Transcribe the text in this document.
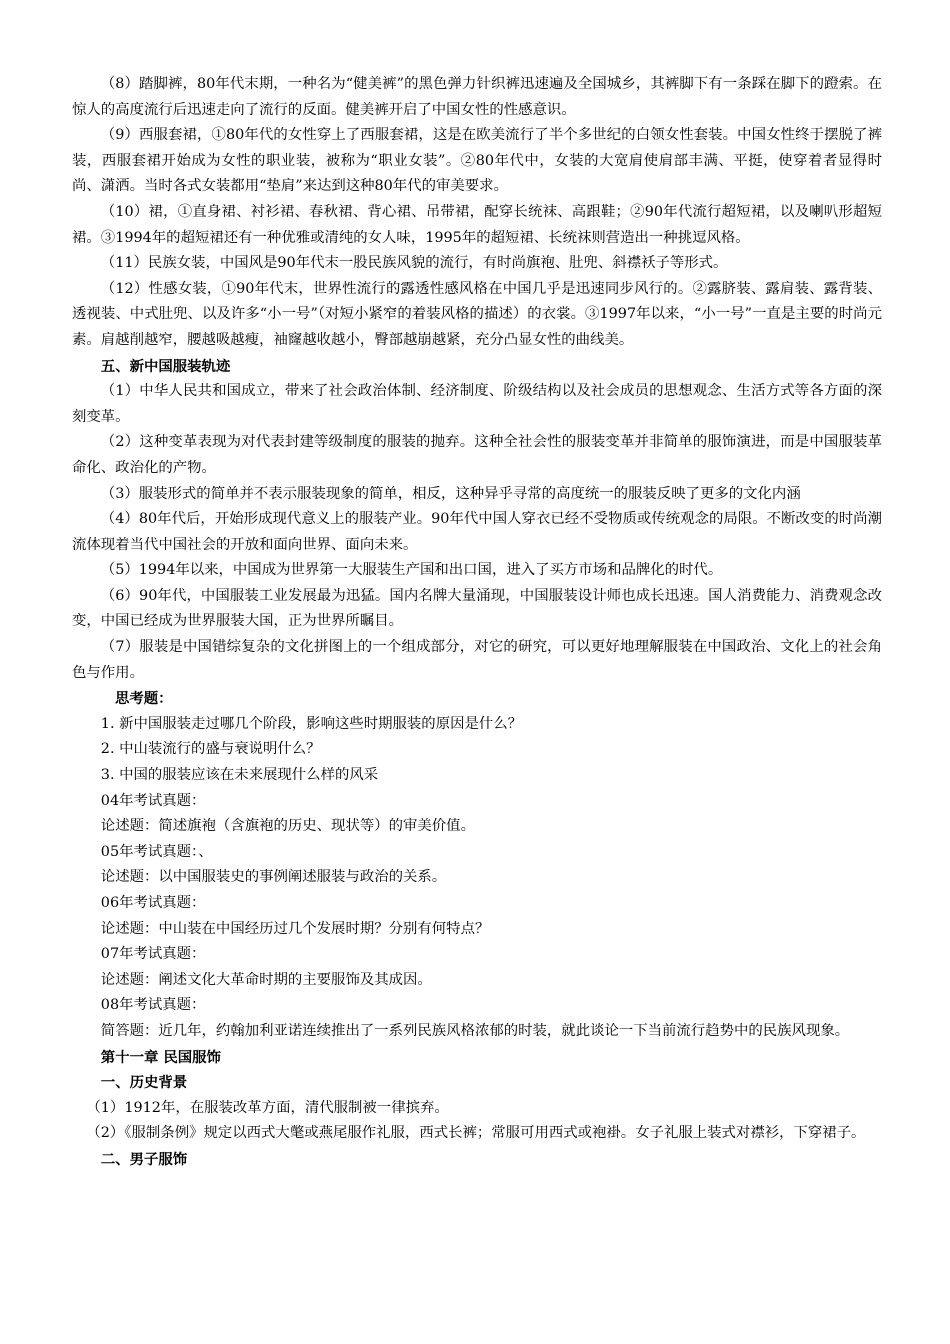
（8）踏脚裤，80年代末期，一种名为“健美裤”的黑色弹力针织裤迅速遍及全国城乡，其裤脚下有一条踩在脚下的蹬索。在惊人的高度流行后迅速走向了流行的反面。健美裤开启了中国女性的性感意识。

（9）西服套裙，①80年代的女性穿上了西服套裙，这是在欧美流行了半个多世纪的白领女性套装。中国女性终于摆脱了裤装，西服套裙开始成为女性的职业装，被称为“职业女装”。②80年代中，女装的大宽肩使肩部丰满、平挺，使穿着者显得时尚、潇洒。当时各式女装都用“垫肩”来达到这种80年代的审美要求。

（10）裙，①直身裙、衬衫裙、春秋裙、背心裙、吊带裙，配穿长统袜、高跟鞋；②90年代流行超短裙，以及喇叭形超短裙。③1994年的超短裙还有一种优雅或清纯的女人味，1995年的超短裙、长统袜则营造出一种挑逗风格。

（11）民族女装，中国风是90年代末一股民族风貌的流行，有时尚旗袍、肚兜、斜襟袄子等形式。

（12）性感女装，①90年代末，世界性流行的露透性感风格在中国几乎是迅速同步风行的。②露脐装、露肩装、露背装、透视装、中式肚兜、以及许多“小一号”（对短小紧窄的着装风格的描述）的衣裳。③1997年以来，“小一号”一直是主要的时尚元素。肩越削越窄，腰越吸越瘦，袖窿越收越小，臀部越崩越紧，充分凸显女性的曲线美。

五、新中国服装轨迹

（1）中华人民共和国成立，带来了社会政治体制、经济制度、阶级结构以及社会成员的思想观念、生活方式等各方面的深刻变革。

（2）这种变革表现为对代表封建等级制度的服装的抛弃。这种全社会性的服装变革并非简单的服饰演进，而是中国服装革命化、政治化的产物。

（3）服装形式的简单并不表示服装现象的简单，相反，这种异乎寻常的高度统一的服装反映了更多的文化内涵

（4）80年代后，开始形成现代意义上的服装产业。90年代中国人穿衣已经不受物质或传统观念的局限。不断改变的时尚潮流体现着当代中国社会的开放和面向世界、面向未来。

（5）1994年以来，中国成为世界第一大服装生产国和出口国，进入了买方市场和品牌化的时代。

（6）90年代，中国服装工业发展最为迅猛。国内名牌大量涌现，中国服装设计师也成长迅速。国人消费能力、消费观念改变，中国已经成为世界服装大国，正为世界所瞩目。

（7）服装是中国错综复杂的文化拼图上的一个组成部分，对它的研究，可以更好地理解服装在中国政治、文化上的社会角色与作用。

思考题：

1. 新中国服装走过哪几个阶段，影响这些时期服装的原因是什么？

2. 中山装流行的盛与衰说明什么？

3. 中国的服装应该在未来展现什么样的风采

04年考试真题：

论述题：简述旗袍（含旗袍的历史、现状等）的审美价值。

05年考试真题：、

论述题：以中国服装史的事例阐述服装与政治的关系。

06年考试真题：

论述题：中山装在中国经历过几个发展时期？分别有何特点？

07年考试真题：

论述题：阐述文化大革命时期的主要服饰及其成因。

08年考试真题：

简答题：近几年，约翰加利亚诺连续推出了一系列民族风格浓郁的时装，就此谈论一下当前流行趋势中的民族风现象。

第十一章 民国服饰

一、历史背景

（1）1912年，在服装改革方面，清代服制被一律摈弃。

（2）《服制条例》规定以西式大氅或燕尾服作礼服，西式长裤；常服可用西式或袍褂。女子礼服上装式对襟衫，下穿裙子。

二、男子服饰
